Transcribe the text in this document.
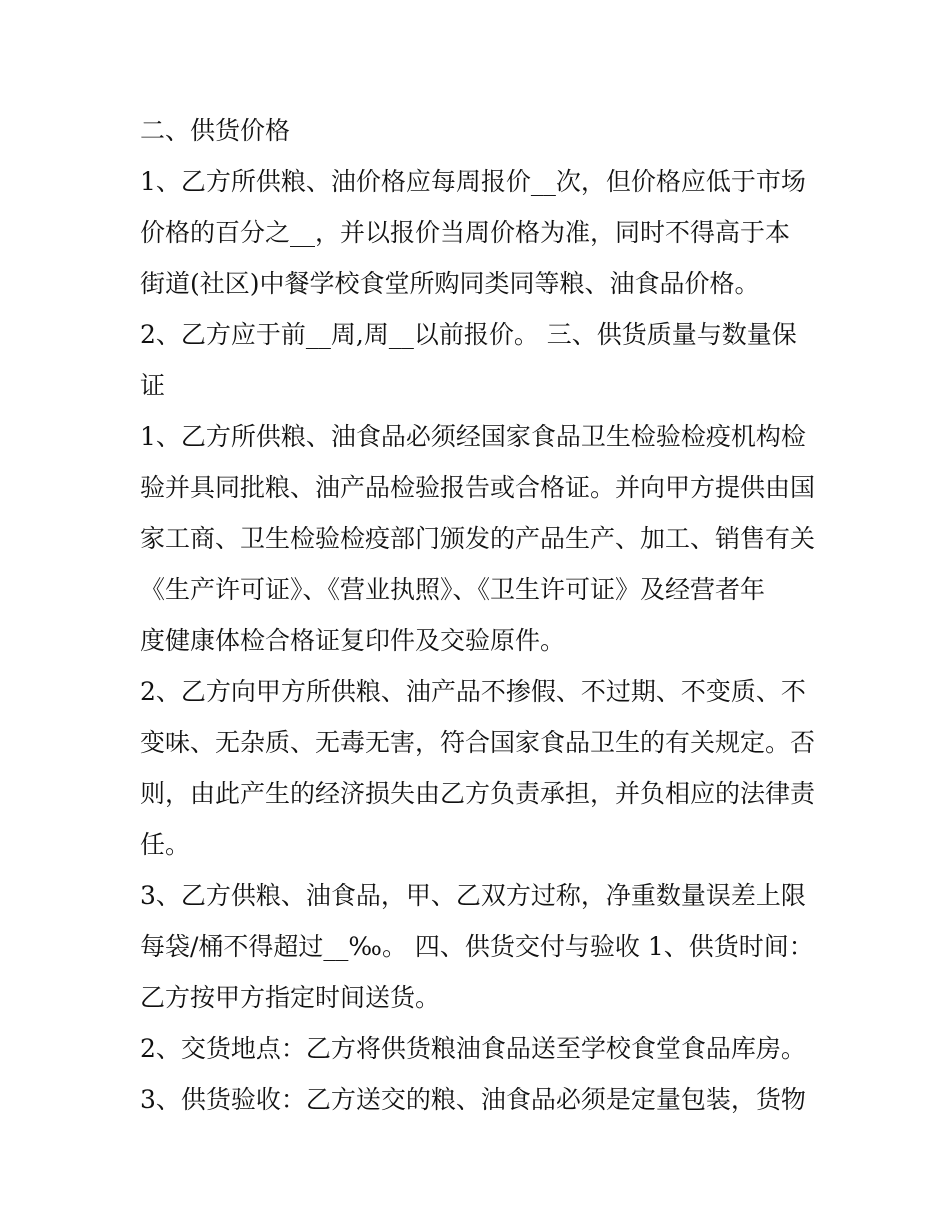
二、供货价格
1、乙方所供粮、油价格应每周报价__次，但价格应低于市场
价格的百分之__，并以报价当周价格为准，同时不得高于本
街道(社区)中餐学校食堂所购同类同等粮、油食品价格。
2、乙方应于前__周,周__以前报价。 三、供货质量与数量保
证
1、乙方所供粮、油食品必须经国家食品卫生检验检疫机构检
验并具同批粮、油产品检验报告或合格证。并向甲方提供由国
家工商、卫生检验检疫部门颁发的产品生产、加工、销售有关
《生产许可证》、《营业执照》、《卫生许可证》及经营者年
度健康体检合格证复印件及交验原件。
2、乙方向甲方所供粮、油产品不掺假、不过期、不变质、不
变味、无杂质、无毒无害，符合国家食品卫生的有关规定。否
则，由此产生的经济损失由乙方负责承担，并负相应的法律责
任。
3、乙方供粮、油食品，甲、乙双方过称，净重数量误差上限
每袋/桶不得超过__‰。 四、供货交付与验收 1、供货时间：
乙方按甲方指定时间送货。
2、交货地点：乙方将供货粮油食品送至学校食堂食品库房。
3、供货验收：乙方送交的粮、油食品必须是定量包装，货物
